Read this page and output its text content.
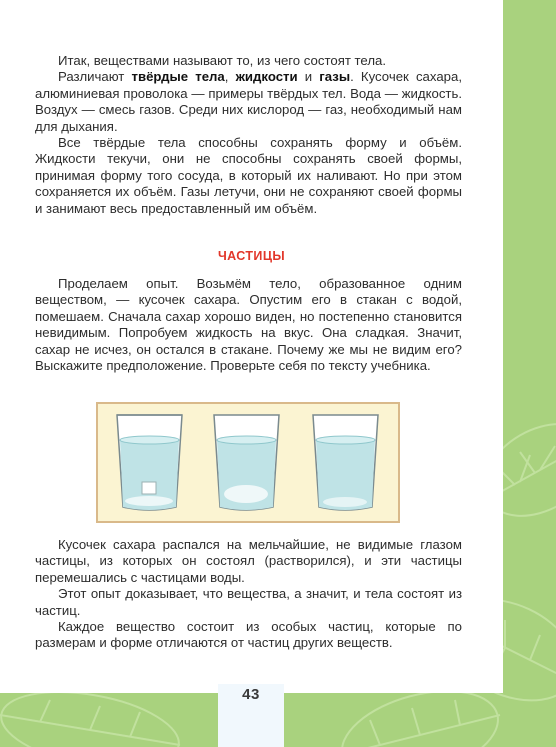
Итак, веществами называют то, из чего состоят тела.

Различают твёрдые тела, жидкости и газы. Кусочек сахара, алюминиевая проволока — примеры твёрдых тел. Вода — жидкость. Воздух — смесь газов. Среди них кислород — газ, необходимый нам для дыхания.

Все твёрдые тела способны сохранять форму и объём. Жидкости текучи, они не способны сохранять своей формы, принимая форму того сосуда, в который их наливают. Но при этом сохраняется их объём. Газы летучи, они не сохраняют своей формы и занимают весь предоставленный им объём.

ЧАСТИЦЫ

Проделаем опыт. Возьмём тело, образованное одним веществом, — кусочек сахара. Опустим его в стакан с водой, помешаем. Сначала сахар хорошо виден, но постепенно становится невидимым. Попробуем жидкость на вкус. Она сладкая. Значит, сахар не исчез, он остался в стакане. Почему же мы не видим его? Выскажите предположение. Проверьте себя по тексту учебника.

Кусочек сахара распался на мельчайшие, не видимые глазом частицы, из которых он состоял (растворился), и эти частицы перемешались с частицами воды.

Этот опыт доказывает, что вещества, а значит, и тела состоят из частиц.

Каждое вещество состоит из особых частиц, которые по размерам и форме отличаются от частиц других веществ.

43
